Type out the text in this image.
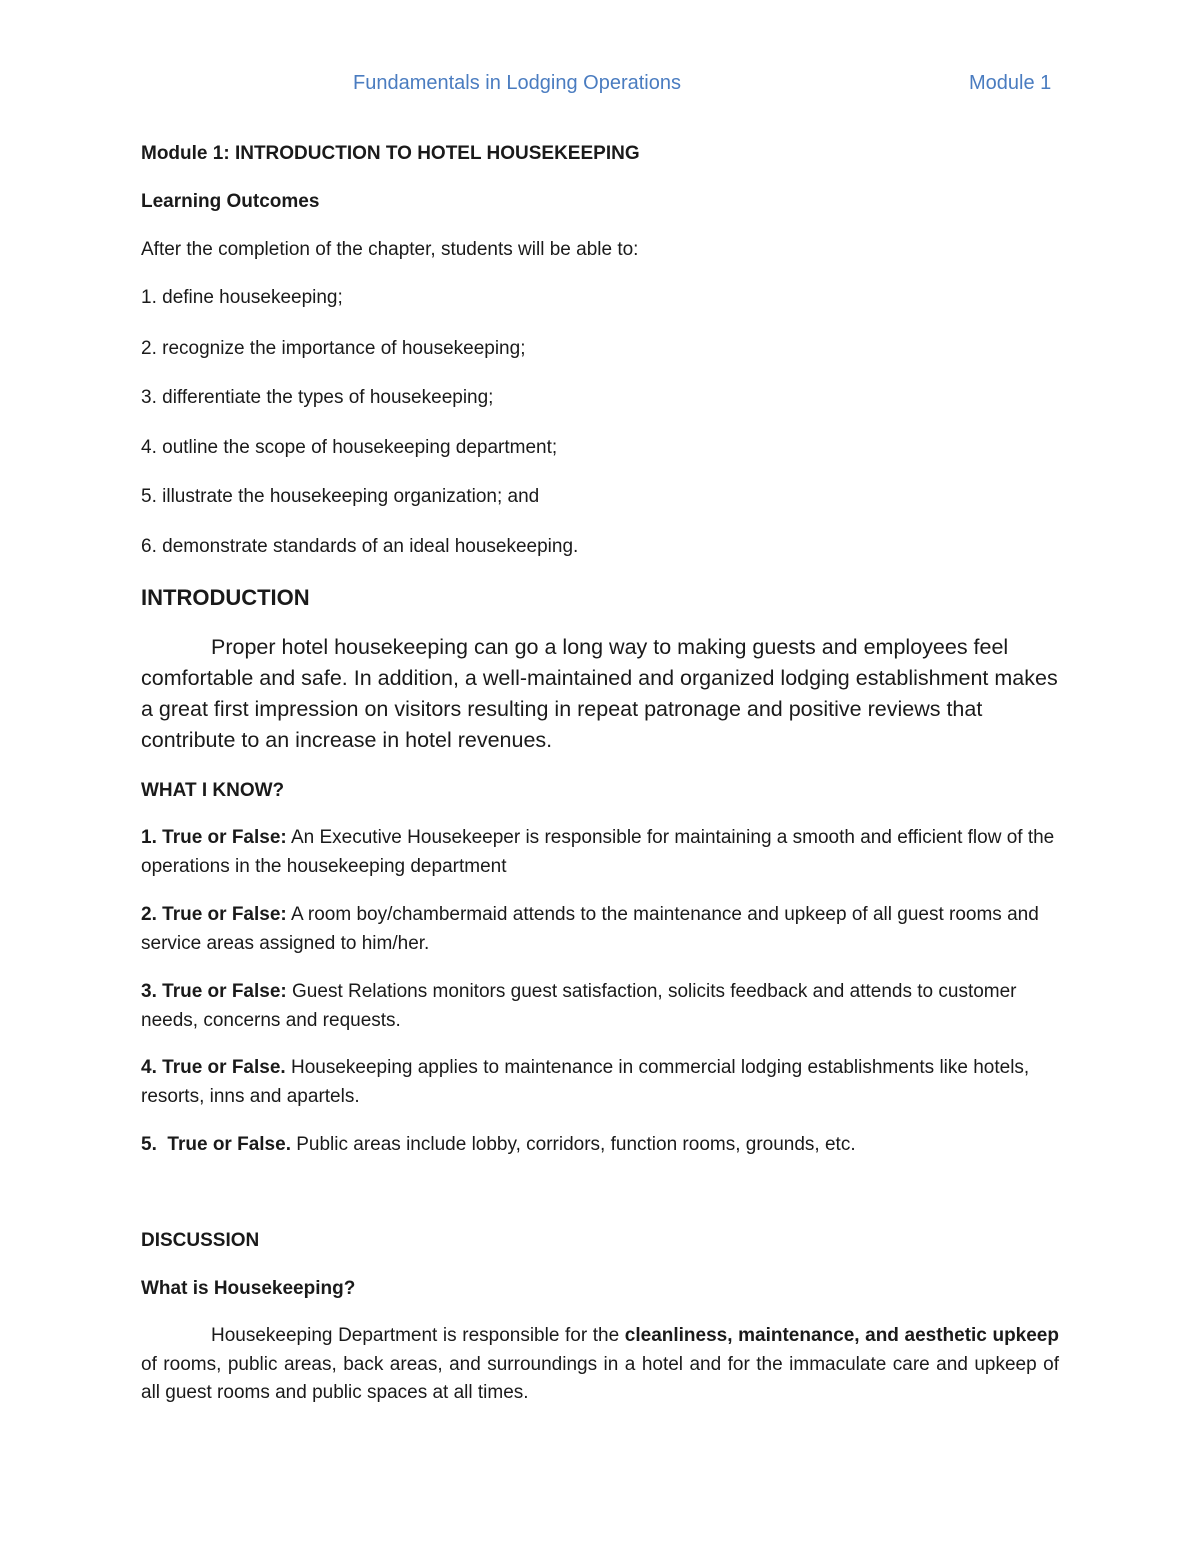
Fundamentals in Lodging Operations	Module 1
Module 1: INTRODUCTION TO HOTEL HOUSEKEEPING
Learning Outcomes
After the completion of the chapter, students will be able to:
1. define housekeeping;
2. recognize the importance of housekeeping;
3. differentiate the types of housekeeping;
4. outline the scope of housekeeping department;
5. illustrate the housekeeping organization; and
6. demonstrate standards of an ideal housekeeping.
INTRODUCTION
Proper hotel housekeeping can go a long way to making guests and employees feel comfortable and safe. In addition, a well-maintained and organized lodging establishment makes a great first impression on visitors resulting in repeat patronage and positive reviews that contribute to an increase in hotel revenues.
WHAT I KNOW?
1. True or False: An Executive Housekeeper is responsible for maintaining a smooth and efficient flow of the operations in the housekeeping department
2. True or False: A room boy/chambermaid attends to the maintenance and upkeep of all guest rooms and service areas assigned to him/her.
3. True or False: Guest Relations monitors guest satisfaction, solicits feedback and attends to customer needs, concerns and requests.
4. True or False. Housekeeping applies to maintenance in commercial lodging establishments like hotels, resorts, inns and apartels.
5. True or False. Public areas include lobby, corridors, function rooms, grounds, etc.
DISCUSSION
What is Housekeeping?
Housekeeping Department is responsible for the cleanliness, maintenance, and aesthetic upkeep of rooms, public areas, back areas, and surroundings in a hotel and for the immaculate care and upkeep of all guest rooms and public spaces at all times.
